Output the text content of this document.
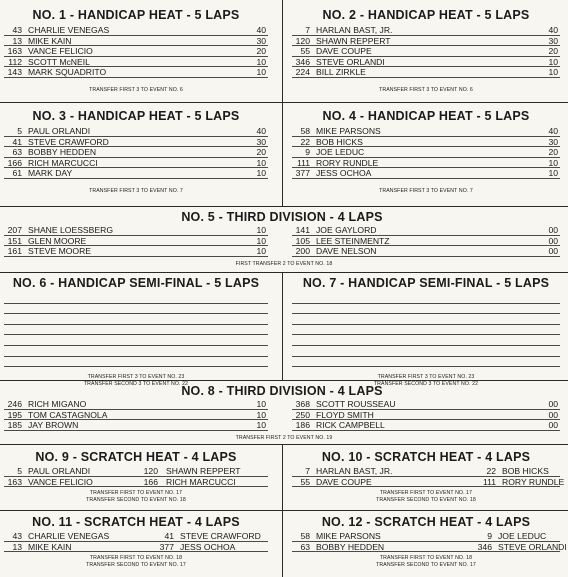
NO. 1 - HANDICAP HEAT - 5 LAPS
43 CHARLIE VENEGAS	40
13 MIKE KAIN	30
163 VANCE FELICIO	20
112 SCOTT McNEIL	10
143 MARK SQUADRITO	10
TRANSFER FIRST 3 TO EVENT NO. 6
NO. 2 - HANDICAP HEAT - 5 LAPS
7 HARLAN BAST, JR.	40
120 SHAWN REPPERT	30
55 DAVE COUPE	20
346 STEVE ORLANDI	10
224 BILL ZIRKLE	10
TRANSFER FIRST 3 TO EVENT NO. 6
NO. 3 - HANDICAP HEAT - 5 LAPS
5 PAUL ORLANDI	40
41 STEVE CRAWFORD	30
63 BOBBY HEDDEN	20
166 RICH MARCUCCI	10
61 MARK DAY	10
TRANSFER FIRST 3 TO EVENT NO. 7
NO. 4 - HANDICAP HEAT - 5 LAPS
58 MIKE PARSONS	40
22 BOB HICKS	30
9 JOE LEDUC	20
111 RORY RUNDLE	10
377 JESS OCHOA	10
TRANSFER FIRST 3 TO EVENT NO. 7
NO. 5 - THIRD DIVISION - 4 LAPS
207 SHANE LOESSBERG	10
151 GLEN MOORE	10
161 STEVE MOORE	10
141 JOE GAYLORD	00
105 LEE STEINMENTZ	00
200 DAVE NELSON	00
FIRST TRANSFER 2 TO EVENT NO. 18
NO. 6 - HANDICAP SEMI-FINAL - 5 LAPS
TRANSFER FIRST 3 TO EVENT NO. 23
TRANSFER SECOND 3 TO EVENT NO. 22
NO. 7 - HANDICAP SEMI-FINAL - 5 LAPS
TRANSFER FIRST 3 TO EVENT NO. 23
TRANSFER SECOND 3 TO EVENT NO. 22
NO. 8 - THIRD DIVISION - 4 LAPS
246 RICH MIGANO	10
195 TOM CASTAGNOLA	10
185 JAY BROWN	10
368 SCOTT ROUSSEAU	00
250 FLOYD SMITH	00
186 RICK CAMPBELL	00
TRANSFER FIRST 2 TO EVENT NO. 19
NO. 9 - SCRATCH HEAT - 4 LAPS
5 PAUL ORLANDI	120 SHAWN REPPERT
163 VANCE FELICIO	166 RICH MARCUCCI
TRANSFER FIRST TO EVENT NO. 17
TRANSFER SECOND TO EVENT NO. 18
NO. 10 - SCRATCH HEAT - 4 LAPS
7 HARLAN BAST, JR.	22 BOB HICKS
55 DAVE COUPE	111 RORY RUNDLE
TRANSFER FIRST TO EVENT NO. 17
TRANSFER SECOND TO EVENT NO. 18
NO. 11 - SCRATCH HEAT - 4 LAPS
43 CHARLIE VENEGAS	41 STEVE CRAWFORD
13 MIKE KAIN	377 JESS OCHOA
TRANSFER FIRST TO EVENT NO. 18
TRANSFER SECOND TO EVENT NO. 17
NO. 12 - SCRATCH HEAT - 4 LAPS
58 MIKE PARSONS	9 JOE LEDUC
63 BOBBY HEDDEN	346 STEVE ORLANDI
TRANSFER FIRST TO EVENT NO. 18
TRANSFER SECOND TO EVENT NO. 17
